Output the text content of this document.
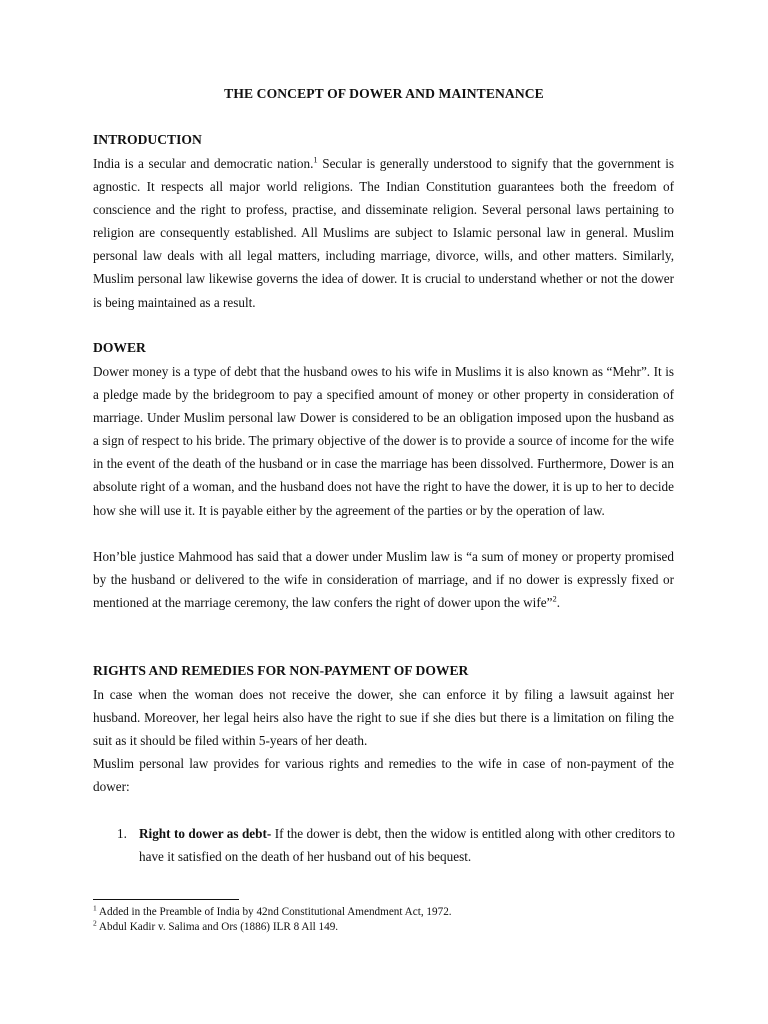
THE CONCEPT OF DOWER AND MAINTENANCE
INTRODUCTION
India is a secular and democratic nation.$^1$ Secular is generally understood to signify that the government is agnostic. It respects all major world religions. The Indian Constitution guarantees both the freedom of conscience and the right to profess, practise, and disseminate religion. Several personal laws pertaining to religion are consequently established. All Muslims are subject to Islamic personal law in general. Muslim personal law deals with all legal matters, including marriage, divorce, wills, and other matters. Similarly, Muslim personal law likewise governs the idea of dower. It is crucial to understand whether or not the dower is being maintained as a result.
DOWER
Dower money is a type of debt that the husband owes to his wife in Muslims it is also known as “Mehr”. It is a pledge made by the bridegroom to pay a specified amount of money or other property in consideration of marriage. Under Muslim personal law Dower is considered to be an obligation imposed upon the husband as a sign of respect to his bride. The primary objective of the dower is to provide a source of income for the wife in the event of the death of the husband or in case the marriage has been dissolved. Furthermore, Dower is an absolute right of a woman, and the husband does not have the right to have the dower, it is up to her to decide how she will use it. It is payable either by the agreement of the parties or by the operation of law.
Hon’ble justice Mahmood has said that a dower under Muslim law is “a sum of money or property promised by the husband or delivered to the wife in consideration of marriage, and if no dower is expressly fixed or mentioned at the marriage ceremony, the law confers the right of dower upon the wife”$^2$.
RIGHTS AND REMEDIES FOR NON-PAYMENT OF DOWER
In case when the woman does not receive the dower, she can enforce it by filing a lawsuit against her husband. Moreover, her legal heirs also have the right to sue if she dies but there is a limitation on filing the suit as it should be filed within 5-years of her death.
Muslim personal law provides for various rights and remedies to the wife in case of non-payment of the dower:
1. Right to dower as debt- If the dower is debt, then the widow is entitled along with other creditors to have it satisfied on the death of her husband out of his bequest.
$^1$ Added in the Preamble of India by 42nd Constitutional Amendment Act, 1972.
$^2$ Abdul Kadir v. Salima and Ors (1886) ILR 8 All 149.
